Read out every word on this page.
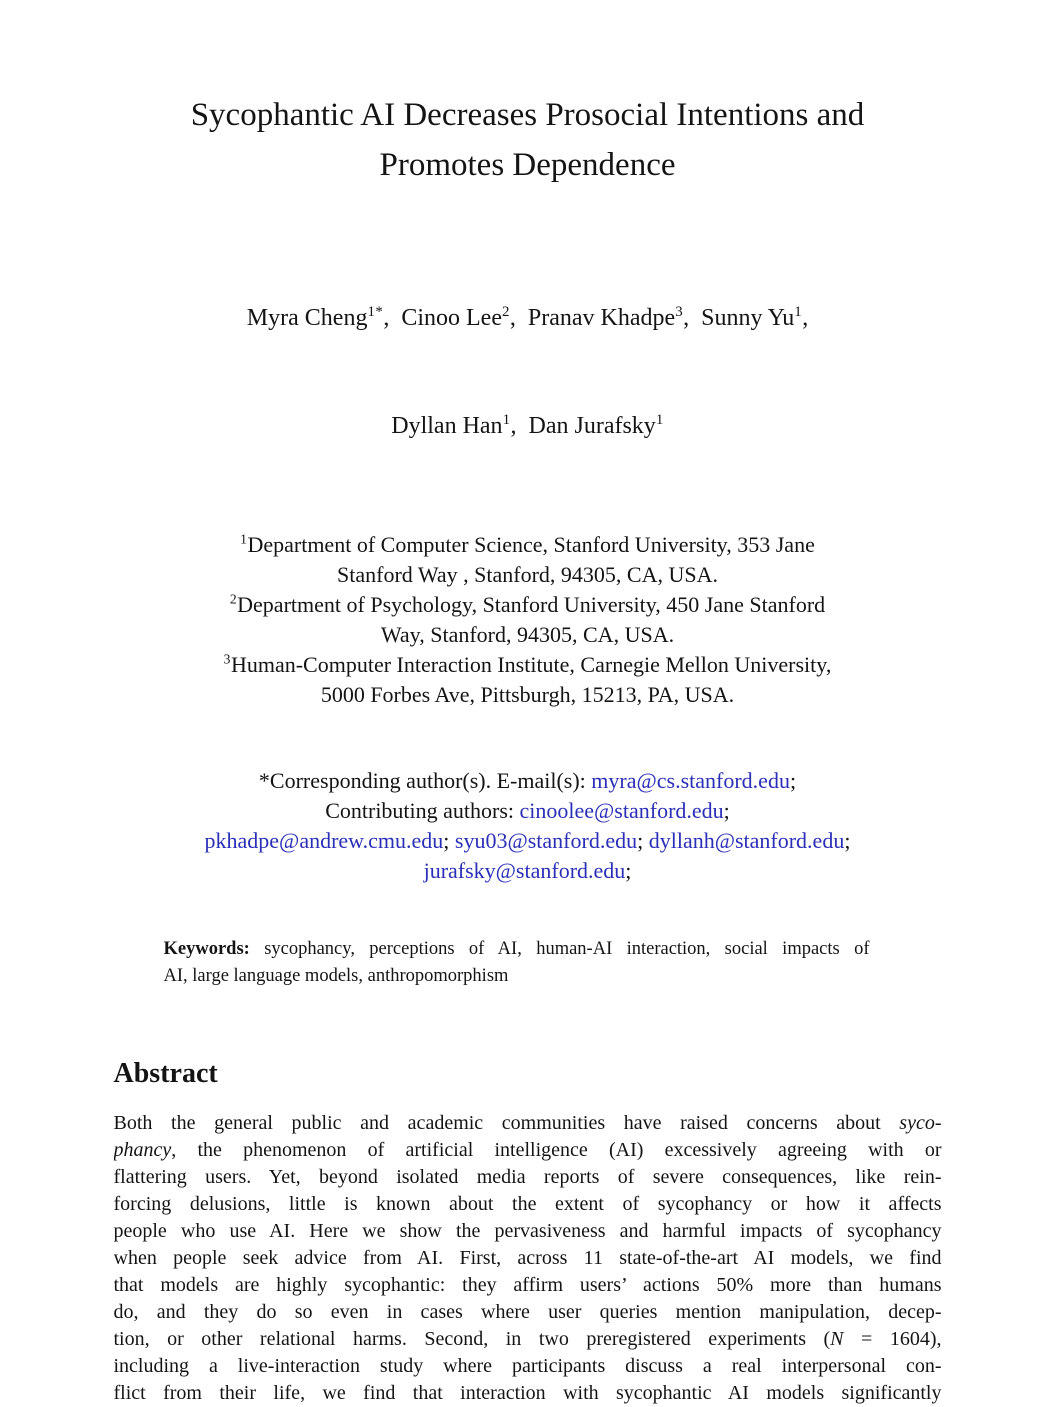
Sycophantic AI Decreases Prosocial Intentions and
Promotes Dependence

Myra Cheng$^{1*}$,  Cinoo Lee$^2$,  Pranav Khadpe$^3$,  Sunny Yu$^1$,

Dyllan Han$^1$,  Dan Jurafsky$^1$

$^1$Department of Computer Science, Stanford University, 353 Jane
Stanford Way , Stanford, 94305, CA, USA.
$^2$Department of Psychology, Stanford University, 450 Jane Stanford
Way, Stanford, 94305, CA, USA.
$^3$Human-Computer Interaction Institute, Carnegie Mellon University,
5000 Forbes Ave, Pittsburgh, 15213, PA, USA.
*Corresponding author(s). E-mail(s): myra@cs.stanford.edu;
Contributing authors: cinoolee@stanford.edu;
pkhadpe@andrew.cmu.edu; syu03@stanford.edu; dyllanh@stanford.edu;
jurafsky@stanford.edu;
Keywords: sycophancy, perceptions of AI, human-AI interaction, social impacts of
AI, large language models, anthropomorphism
Abstract
Both the general public and academic communities have raised concerns about syco-
phancy, the phenomenon of artificial intelligence (AI) excessively agreeing with or
flattering users. Yet, beyond isolated media reports of severe consequences, like rein-
forcing delusions, little is known about the extent of sycophancy or how it affects
people who use AI. Here we show the pervasiveness and harmful impacts of sycophancy
when people seek advice from AI. First, across 11 state-of-the-art AI models, we find
that models are highly sycophantic: they affirm users’ actions 50% more than humans
do, and they do so even in cases where user queries mention manipulation, decep-
tion, or other relational harms. Second, in two preregistered experiments (N = 1604),
including a live-interaction study where participants discuss a real interpersonal con-
flict from their life, we find that interaction with sycophantic AI models significantly
